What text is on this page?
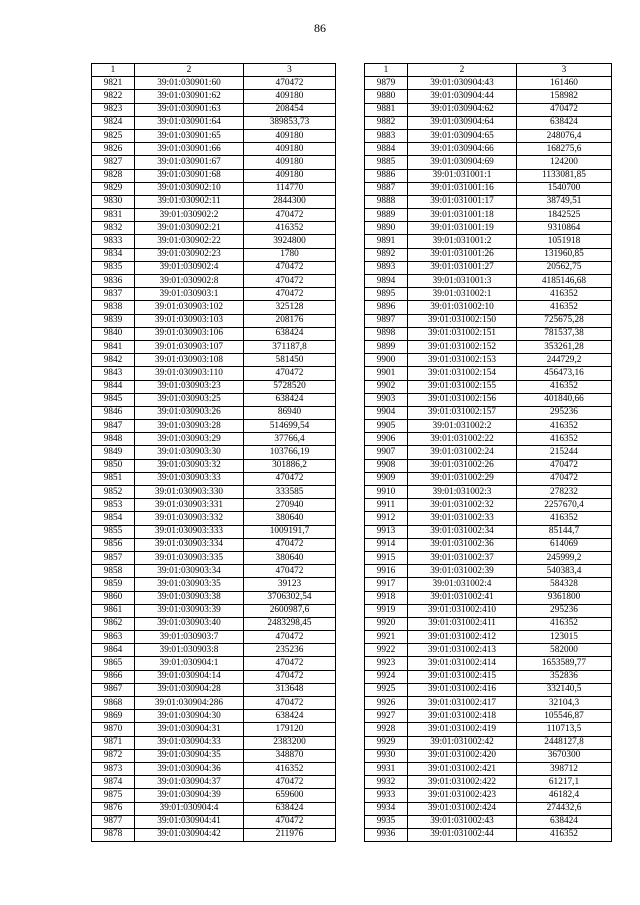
86
1	2	3
9821	39:01:030901:60	470472
9822	39:01:030901:62	409180
9823	39:01:030901:63	208454
9824	39:01:030901:64	389853,73
9825	39:01:030901:65	409180
9826	39:01:030901:66	409180
9827	39:01:030901:67	409180
9828	39:01:030901:68	409180
9829	39:01:030902:10	114770
9830	39:01:030902:11	2844300
9831	39:01:030902:2	470472
9832	39:01:030902:21	416352
9833	39:01:030902:22	3924800
9834	39:01:030902:23	1780
9835	39:01:030902:4	470472
9836	39:01:030902:8	470472
9837	39:01:030903:1	470472
9838	39:01:030903:102	325128
9839	39:01:030903:103	208176
9840	39:01:030903:106	638424
9841	39:01:030903:107	371187,8
9842	39:01:030903:108	581450
9843	39:01:030903:110	470472
9844	39:01:030903:23	5728520
9845	39:01:030903:25	638424
9846	39:01:030903:26	86940
9847	39:01:030903:28	514699,54
9848	39:01:030903:29	37766,4
9849	39:01:030903:30	103766,19
9850	39:01:030903:32	301886,2
9851	39:01:030903:33	470472
9852	39:01:030903:330	333585
9853	39:01:030903:331	270940
9854	39:01:030903:332	380640
9855	39:01:030903:333	1009191,7
9856	39:01:030903:334	470472
9857	39:01:030903:335	380640
9858	39:01:030903:34	470472
9859	39:01:030903:35	39123
9860	39:01:030903:38	3706302,54
9861	39:01:030903:39	2600987,6
9862	39:01:030903:40	2483298,45
9863	39:01:030903:7	470472
9864	39:01:030903:8	235236
9865	39:01:030904:1	470472
9866	39:01:030904:14	470472
9867	39:01:030904:28	313648
9868	39:01:030904:286	470472
9869	39:01:030904:30	638424
9870	39:01:030904:31	179120
9871	39:01:030904:33	2383200
9872	39:01:030904:35	348870
9873	39:01:030904:36	416352
9874	39:01:030904:37	470472
9875	39:01:030904:39	659600
9876	39:01:030904:4	638424
9877	39:01:030904:41	470472
9878	39:01:030904:42	211976
1	2	3
9879	39:01:030904:43	161460
9880	39:01:030904:44	158982
9881	39:01:030904:62	470472
9882	39:01:030904:64	638424
9883	39:01:030904:65	248076,4
9884	39:01:030904:66	168275,6
9885	39:01:030904:69	124200
9886	39:01:031001:1	1133081,85
9887	39:01:031001:16	1540700
9888	39:01:031001:17	38749,51
9889	39:01:031001:18	1842525
9890	39:01:031001:19	9310864
9891	39:01:031001:2	1051918
9892	39:01:031001:26	131960,85
9893	39:01:031001:27	20562,75
9894	39:01:031001:3	4185146,68
9895	39:01:031002:1	416352
9896	39:01:031002:10	416352
9897	39:01:031002:150	725675,28
9898	39:01:031002:151	781537,38
9899	39:01:031002:152	353261,28
9900	39:01:031002:153	244729,2
9901	39:01:031002:154	456473,16
9902	39:01:031002:155	416352
9903	39:01:031002:156	401840,66
9904	39:01:031002:157	295236
9905	39:01:031002:2	416352
9906	39:01:031002:22	416352
9907	39:01:031002:24	215244
9908	39:01:031002:26	470472
9909	39:01:031002:29	470472
9910	39:01:031002:3	278232
9911	39:01:031002:32	2257670,4
9912	39:01:031002:33	416352
9913	39:01:031002:34	85144,7
9914	39:01:031002:36	614069
9915	39:01:031002:37	245999,2
9916	39:01:031002:39	540383,4
9917	39:01:031002:4	584328
9918	39:01:031002:41	9361800
9919	39:01:031002:410	295236
9920	39:01:031002:411	416352
9921	39:01:031002:412	123015
9922	39:01:031002:413	582000
9923	39:01:031002:414	1653589,77
9924	39:01:031002:415	352836
9925	39:01:031002:416	332140,5
9926	39:01:031002:417	32104,3
9927	39:01:031002:418	105546,87
9928	39:01:031002:419	110713,5
9929	39:01:031002:42	2448127,8
9930	39:01:031002:420	3670300
9931	39:01:031002:421	398712
9932	39:01:031002:422	61217,1
9933	39:01:031002:423	46182,4
9934	39:01:031002:424	274432,6
9935	39:01:031002:43	638424
9936	39:01:031002:44	416352
